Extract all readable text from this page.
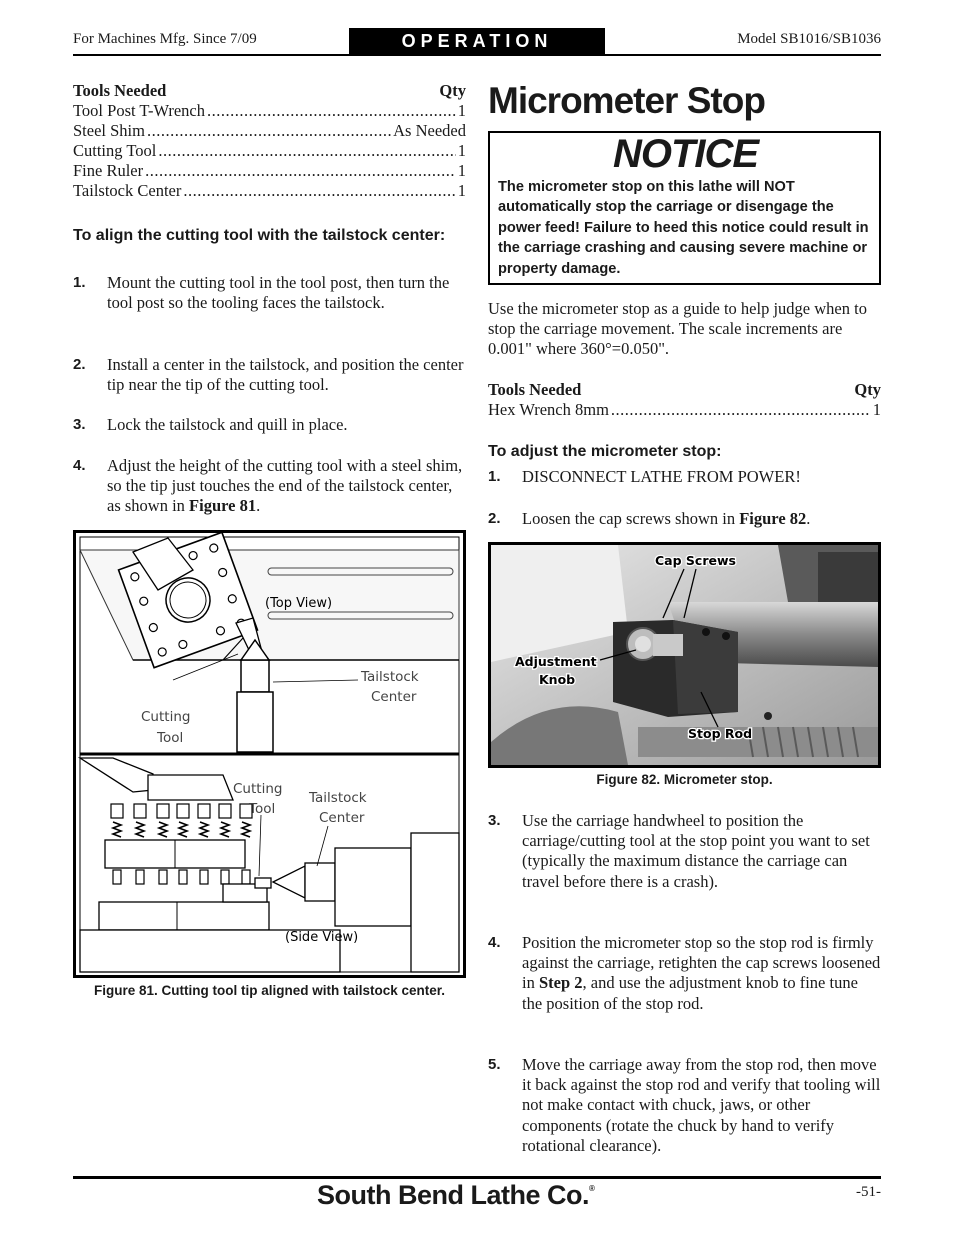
For Machines Mfg. Since 7/09	OPERATION	Model SB1016/SB1036
Tools Needed	Qty
Tool Post T-Wrench .....	1
Steel Shim .....	As Needed
Cutting Tool .....	1
Fine Ruler .....	1
Tailstock Center .....	1
To align the cutting tool with the tailstock center:
1.	Mount the cutting tool in the tool post, then turn the tool post so the tooling faces the tailstock.
2.	Install a center in the tailstock, and position the center tip near the tip of the cutting tool.
3.	Lock the tailstock and quill in place.
4.	Adjust the height of the cutting tool with a steel shim, so the tip just touches the end of the tailstock center, as shown in Figure 81.
(Top View)
Tailstock
Center
Cutting
Tool
Cutting
Tool
Tailstock
Center
(Side View)
Figure 81. Cutting tool tip aligned with tailstock center.
Micrometer Stop
NOTICE
The micrometer stop on this lathe will NOT automatically stop the carriage or disengage the power feed! Failure to heed this notice could result in the carriage crashing and causing severe machine or property damage.
Use the micrometer stop as a guide to help judge when to stop the carriage movement. The scale increments are 0.001" where 360°=0.050".
Tools Needed	Qty
Hex Wrench 8mm .....	1
To adjust the micrometer stop:
1.	DISCONNECT LATHE FROM POWER!
2.	Loosen the cap screws shown in Figure 82.
Cap Screws
Adjustment
Knob
Stop Rod
Figure 82. Micrometer stop.
3.	Use the carriage handwheel to position the carriage/cutting tool at the stop point you want to set (typically the maximum distance the carriage can travel before there is a crash).
4.	Position the micrometer stop so the stop rod is firmly against the carriage, retighten the cap screws loosened in Step 2, and use the adjustment knob to fine tune the position of the stop rod.
5.	Move the carriage away from the stop rod, then move it back against the stop rod and verify that tooling will not make contact with chuck, jaws, or other components (rotate the chuck by hand to verify rotational clearance).
South Bend Lathe Co.®	-51-
